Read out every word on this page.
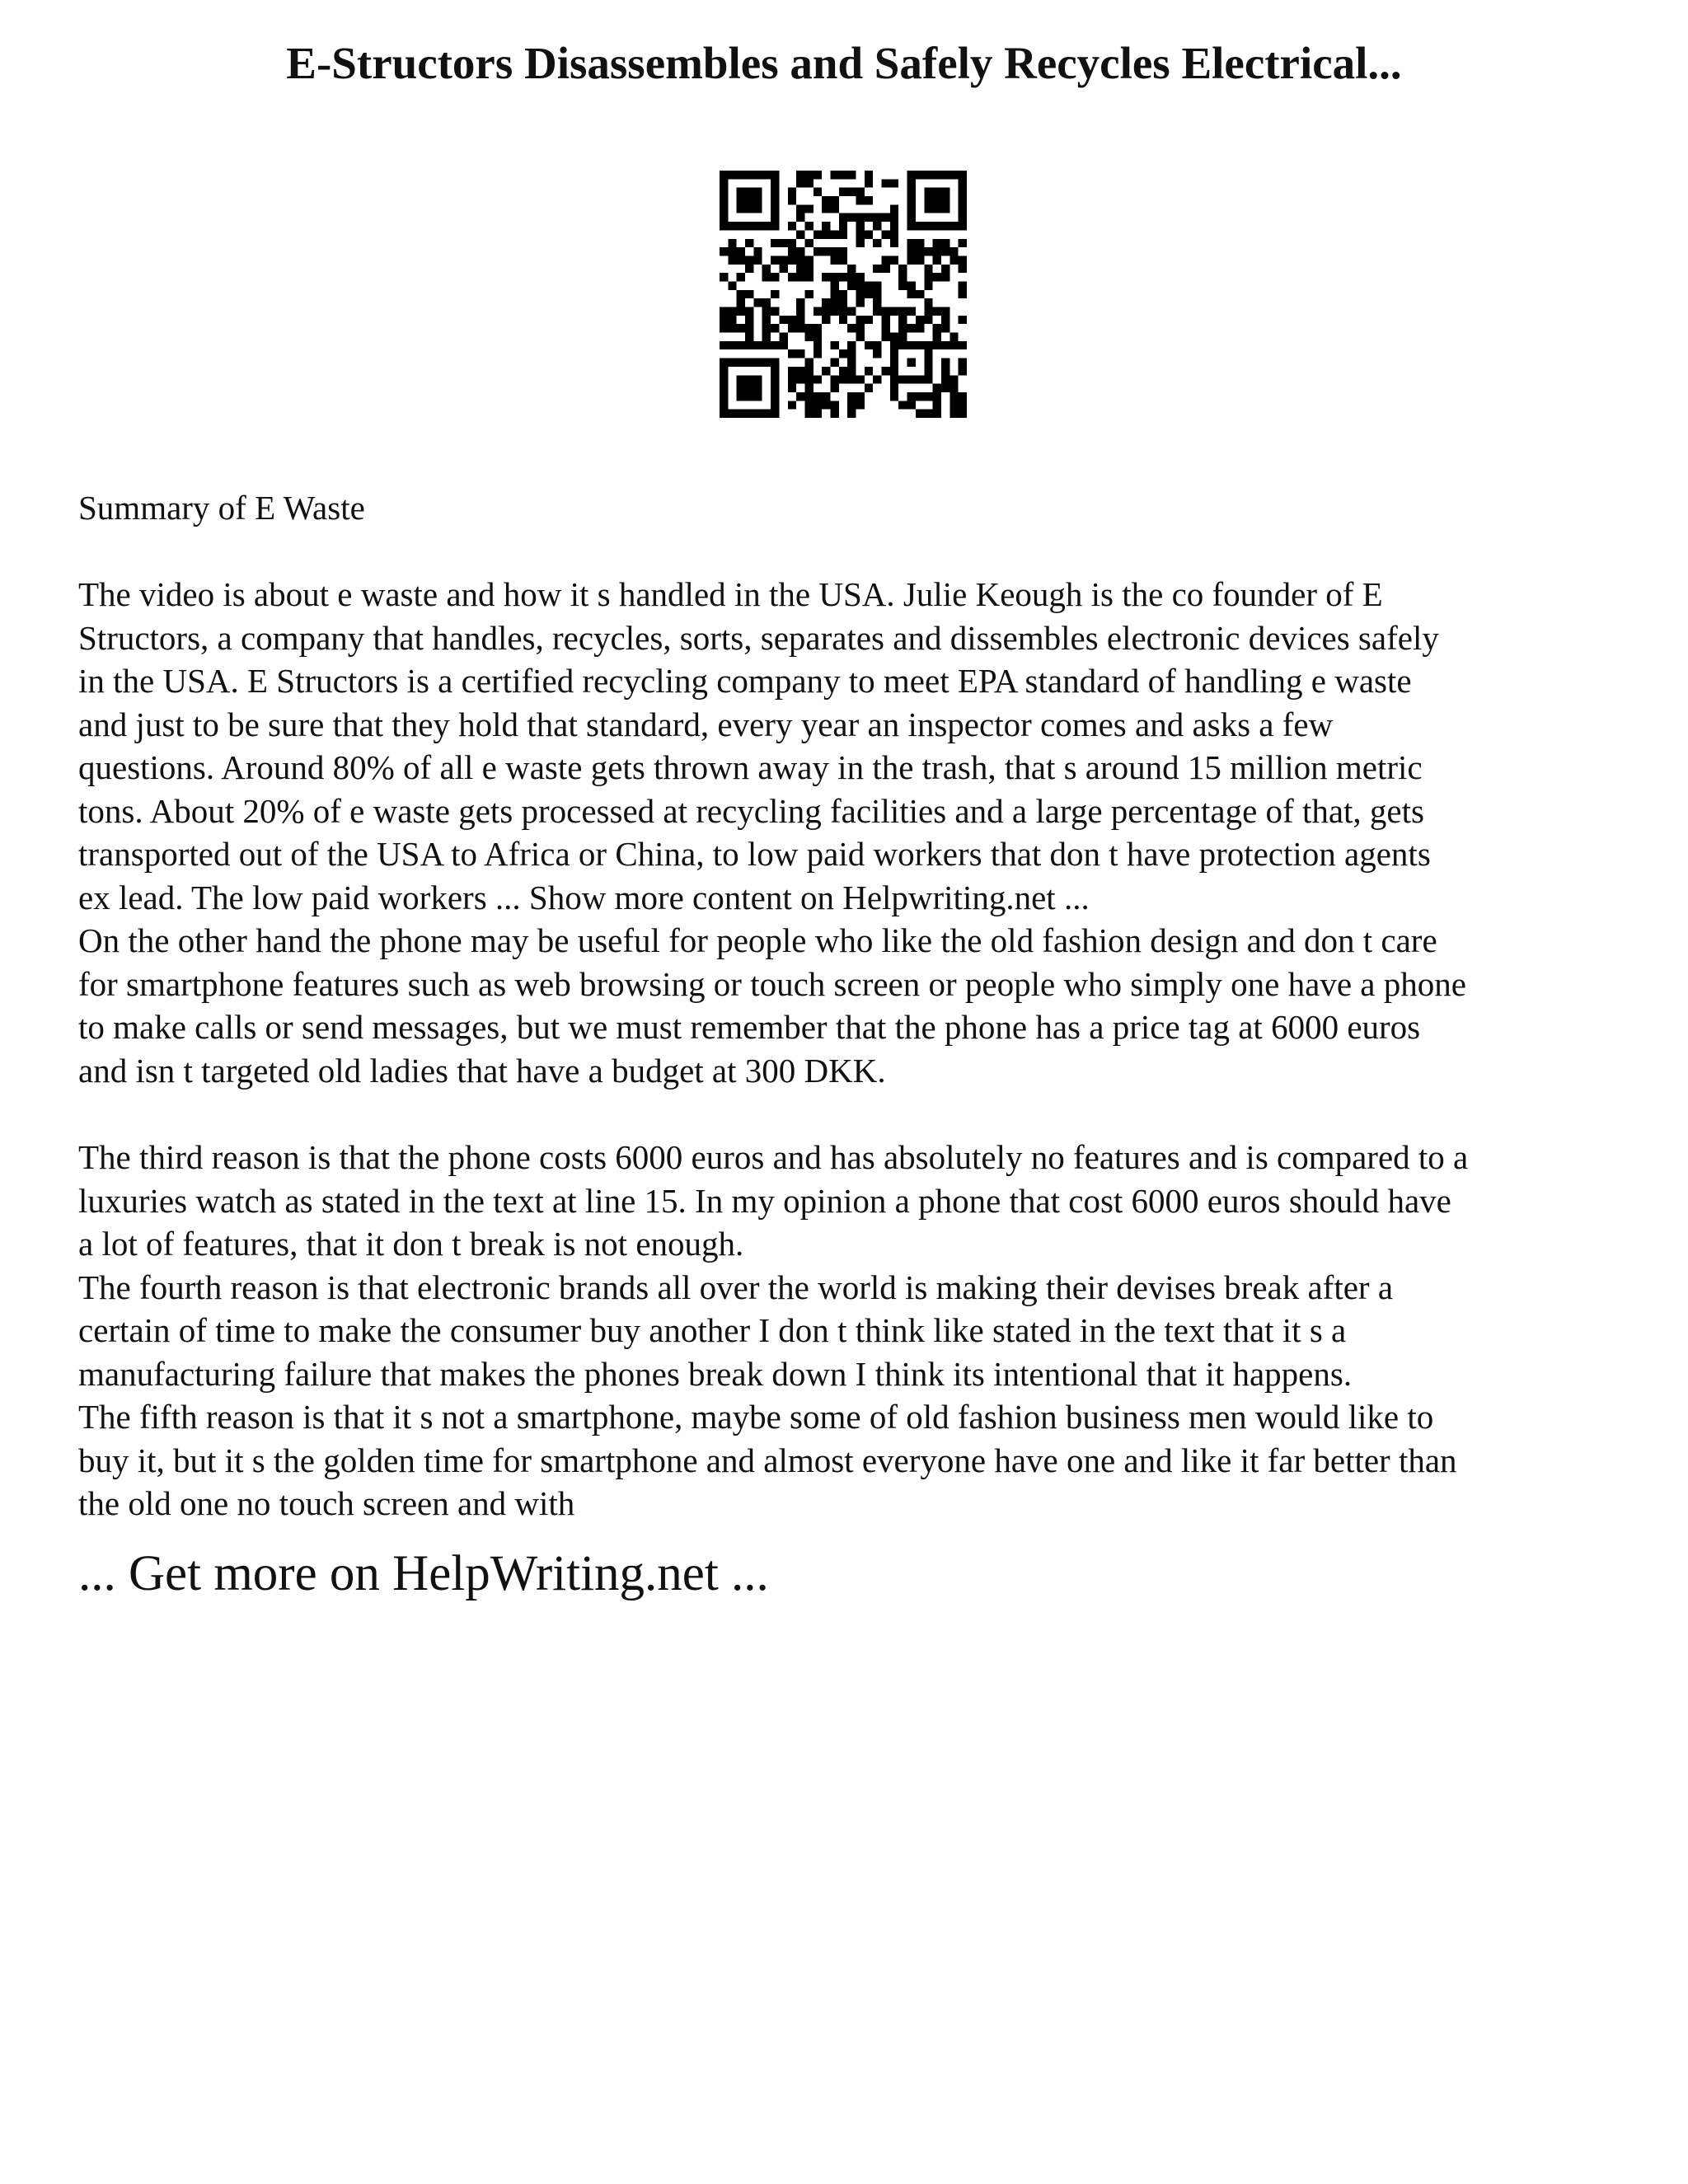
E-Structors Disassembles and Safely Recycles Electrical...

Summary of E Waste

The video is about e waste and how it s handled in the USA. Julie Keough is the co founder of E
Structors, a company that handles, recycles, sorts, separates and dissembles electronic devices safely
in the USA. E Structors is a certified recycling company to meet EPA standard of handling e waste
and just to be sure that they hold that standard, every year an inspector comes and asks a few
questions. Around 80% of all e waste gets thrown away in the trash, that s around 15 million metric
tons. About 20% of e waste gets processed at recycling facilities and a large percentage of that, gets
transported out of the USA to Africa or China, to low paid workers that don t have protection agents
ex lead. The low paid workers ... Show more content on Helpwriting.net ...
On the other hand the phone may be useful for people who like the old fashion design and don t care
for smartphone features such as web browsing or touch screen or people who simply one have a phone
to make calls or send messages, but we must remember that the phone has a price tag at 6000 euros
and isn t targeted old ladies that have a budget at 300 DKK.
The third reason is that the phone costs 6000 euros and has absolutely no features and is compared to a
luxuries watch as stated in the text at line 15. In my opinion a phone that cost 6000 euros should have
a lot of features, that it don t break is not enough.
The fourth reason is that electronic brands all over the world is making their devises break after a
certain of time to make the consumer buy another I don t think like stated in the text that it s a
manufacturing failure that makes the phones break down I think its intentional that it happens.
The fifth reason is that it s not a smartphone, maybe some of old fashion business men would like to
buy it, but it s the golden time for smartphone and almost everyone have one and like it far better than
the old one no touch screen and with

... Get more on HelpWriting.net ...
